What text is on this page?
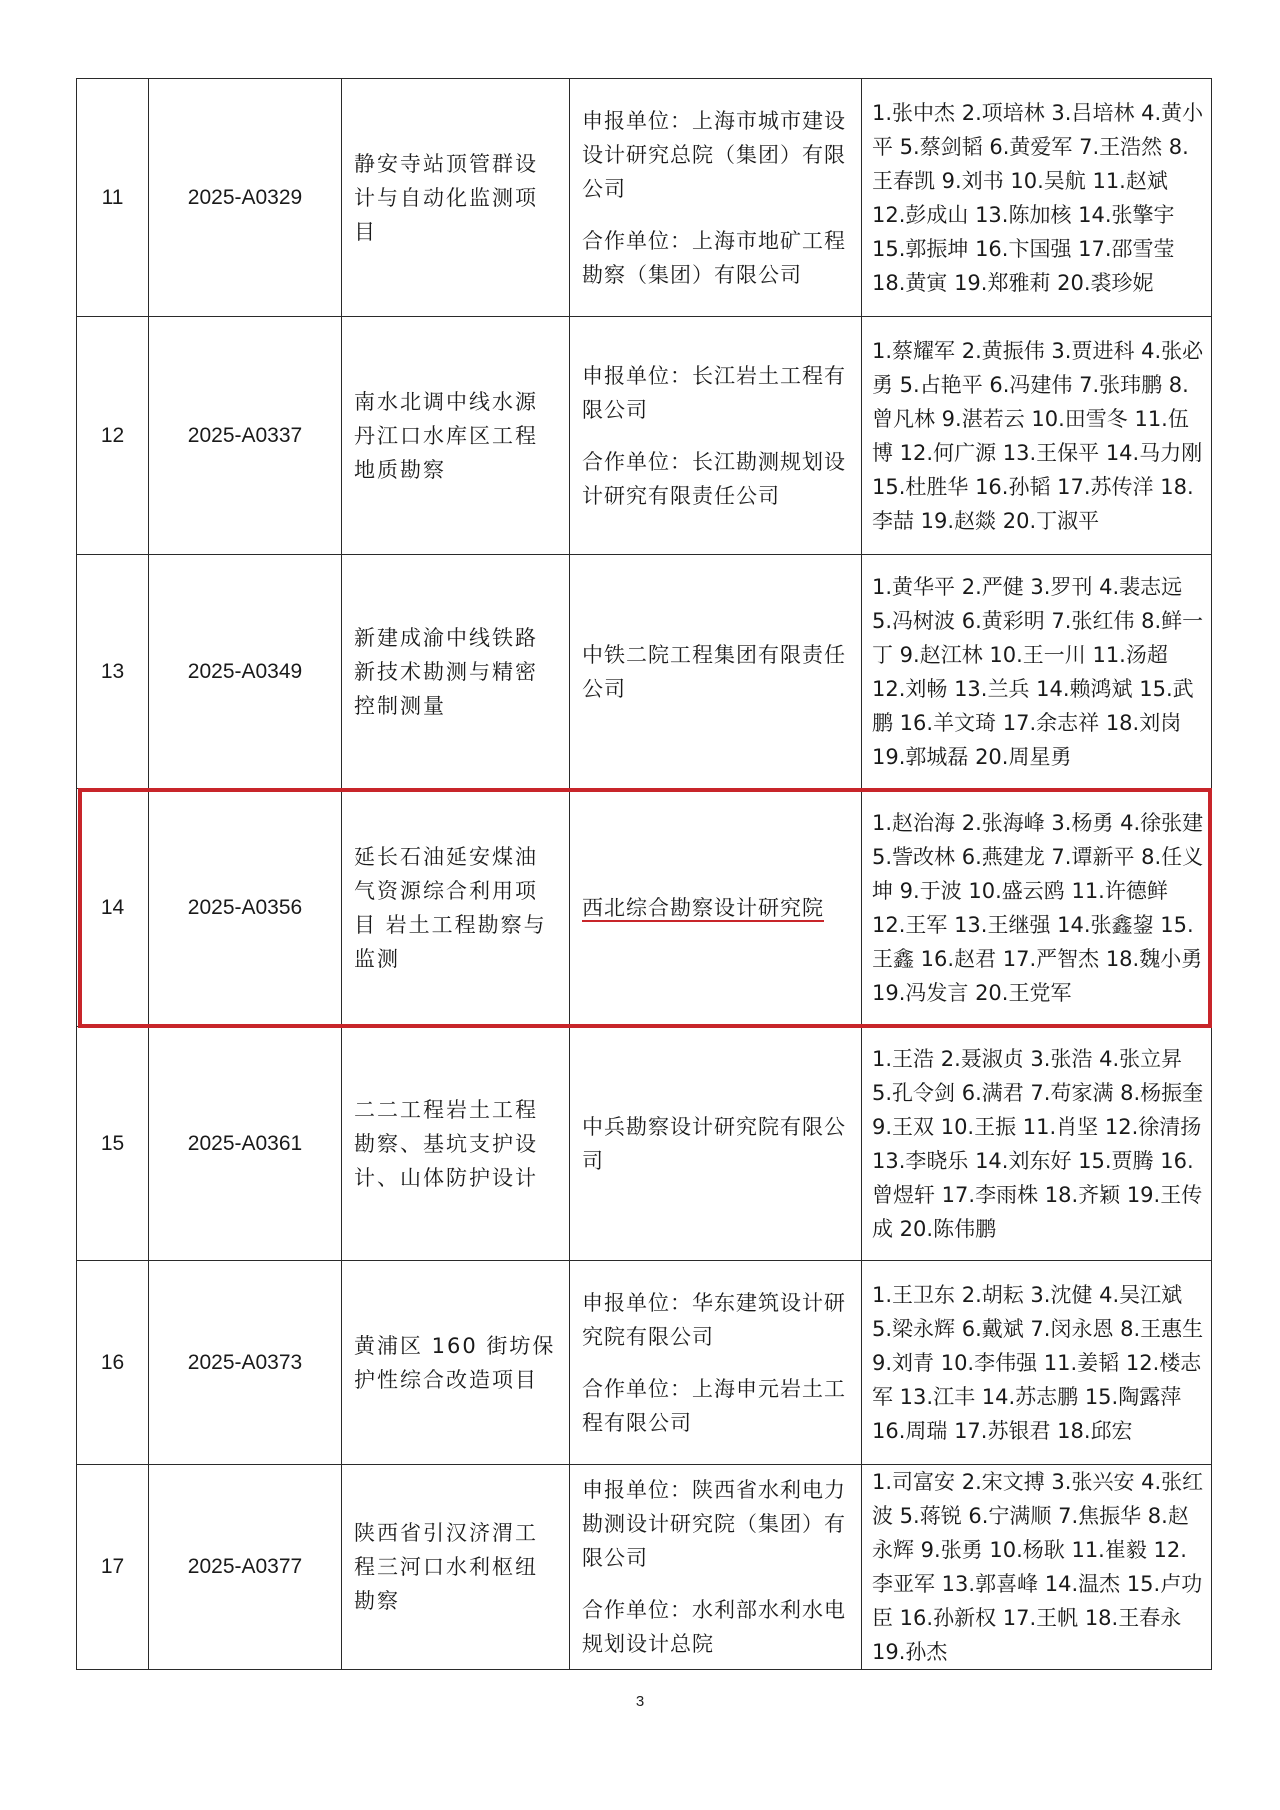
11	2025-A0329	静安寺站顶管群设计与自动化监测项目	申报单位：上海市城市建设设计研究总院（集团）有限公司
合作单位：上海市地矿工程勘察（集团）有限公司	1.张中杰 2.项培林 3.吕培林 4.黄小平 5.蔡剑韬 6.黄爱军 7.王浩然 8.王春凯 9.刘书 10.吴航 11.赵斌 12.彭成山 13.陈加核 14.张擎宇 15.郭振坤 16.卞国强 17.邵雪莹 18.黄寅 19.郑雅莉 20.裘珍妮
12	2025-A0337	南水北调中线水源丹江口水库区工程地质勘察	申报单位：长江岩土工程有限公司
合作单位：长江勘测规划设计研究有限责任公司	1.蔡耀军 2.黄振伟 3.贾进科 4.张必勇 5.占艳平 6.冯建伟 7.张玮鹏 8.曾凡林 9.湛若云 10.田雪冬 11.伍博 12.何广源 13.王保平 14.马力刚 15.杜胜华 16.孙韬 17.苏传洋 18.李喆 19.赵燚 20.丁淑平
13	2025-A0349	新建成渝中线铁路新技术勘测与精密控制测量	中铁二院工程集团有限责任公司	1.黄华平 2.严健 3.罗刊 4.裴志远 5.冯树波 6.黄彩明 7.张红伟 8.鲜一丁 9.赵江林 10.王一川 11.汤超 12.刘畅 13.兰兵 14.赖鸿斌 15.武鹏 16.羊文琦 17.余志祥 18.刘岗 19.郭城磊 20.周星勇
14	2025-A0356	延长石油延安煤油气资源综合利用项目 岩土工程勘察与监测	西北综合勘察设计研究院	1.赵治海 2.张海峰 3.杨勇 4.徐张建 5.訾改林 6.燕建龙 7.谭新平 8.任义坤 9.于波 10.盛云鸥 11.许德鲜 12.王军 13.王继强 14.张鑫鋆 15.王鑫 16.赵君 17.严智杰 18.魏小勇 19.冯发言 20.王党军
15	2025-A0361	二二工程岩土工程勘察、基坑支护设计、山体防护设计	中兵勘察设计研究院有限公司	1.王浩 2.聂淑贞 3.张浩 4.张立昇 5.孔令剑 6.满君 7.苟家满 8.杨振奎 9.王双 10.王振 11.肖坚 12.徐清扬 13.李晓乐 14.刘东好 15.贾腾 16.曾煜轩 17.李雨株 18.齐颖 19.王传成 20.陈伟鹏
16	2025-A0373	黄浦区 160 街坊保护性综合改造项目	申报单位：华东建筑设计研究院有限公司
合作单位：上海申元岩土工程有限公司	1.王卫东 2.胡耘 3.沈健 4.吴江斌 5.梁永辉 6.戴斌 7.闵永恩 8.王惠生 9.刘青 10.李伟强 11.姜韬 12.楼志军 13.江丰 14.苏志鹏 15.陶露萍 16.周瑞 17.苏银君 18.邱宏
17	2025-A0377	陕西省引汉济渭工程三河口水利枢纽勘察	申报单位：陕西省水利电力勘测设计研究院（集团）有限公司
合作单位：水利部水利水电规划设计总院	1.司富安 2.宋文搏 3.张兴安 4.张红波 5.蒋锐 6.宁满顺 7.焦振华 8.赵永辉 9.张勇 10.杨耿 11.崔毅 12.李亚军 13.郭喜峰 14.温杰 15.卢功臣 16.孙新权 17.王帆 18.王春永 19.孙杰
3
